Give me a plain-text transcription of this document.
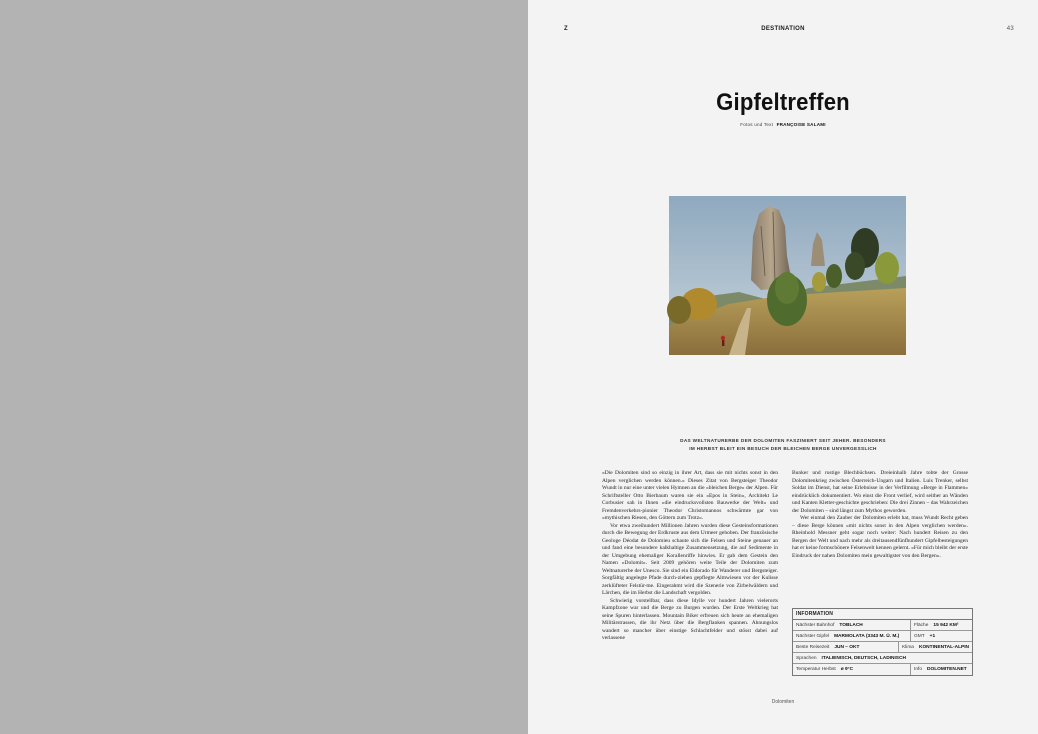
Z	DESTINATION	43
Gipfeltreffen
Fotos und Text FRANÇOISE SALAMI
DAS WELTNATURERBE DER DOLOMITEN FASZINIERT SEIT JEHER. BESONDERS
IM HERBST BLEIT EIN BESUCH DER BLEICHEN BERGE UNVERGESSLICH

«Die Dolomiten sind so einzig in ihrer Art, dass sie mit nichts sonst in den Alpen verglichen werden können.» Dieses Zitat von Bergsteiger Theodor Wundt in nur eine unter vielen Hymnen an die «bleichen Berge» der Alpen. Für Schriftsteller Otto Bierbaum waren sie ein «Epos in Stein», Architekt Le Corbusier sah in Ihnen «die eindrucksvollsten Bauwerke der Welt» und Fremdenverkehrs-pionier Theodor Christomannos schwärmte gar von «mythischen Riesen, den Göttern zum Trotz».

Vor etwa zweihundert Millionen Jahren wurden diese Gesteinsformationen durch die Bewegung der Erdkruste aus dem Urmeer gehoben. Der französische Geologe Déodat de Dolomieu schaute sich die Felsen und Steine genauer an und fand eine besondere kalkhaltige Zusammensetzung, die auf Sedimente in der Umgebung ehemaliger Korallenriffe hinwies. Er gab dem Gestein den Namen «Dolomit». Seit 2009 gehören weite Teile der Dolomiten zum Weltnaturerbe der Unesco. Sie sind ein Eldorado für Wanderer und Bergsteiger. Sorgfältig angelegte Pfade durch-ziehen gepflegte Almwiesen vor der Kulisse zerklüfteter Felstür-me. Eingerahmt wird die Szenerie von Zirbelwäldern und Lärchen, die im Herbst die Landschaft vergolden.

Schwierig vorstellbar, dass diese Idylle vor hundert Jahren vielerorts Kampfzone war und die Berge zu Burgen wurden. Der Erste Weltkrieg hat seine Spuren hinterlassen. Mountain Biker erfreuen sich heute an ehemaligen Militärstrassen, die ihr Netz über die Bergflanken spannen. Ahnungslos wandert so mancher über einstige Schlachtfelder und stösst dabei auf verlassene

Bunker und rostige Blechbüchsen. Dreieinhalb Jahre tobte der Grosse Dolomitenkrieg zwischen Österreich-Ungarn und Italien. Luis Trenker, selbst Soldat im Dienst, hat seine Erlebnisse in der Verfilmung «Berge in Flammen» eindrücklich dokumentiert. Wo einst die Front verlief, wird seither an Wänden und Kanten Kletter-geschichte geschrieben: Die drei Zinnen – das Wahrzeichen der Dolomiten – sind längst zum Mythos geworden.

Wer einmal den Zauber der Dolomiten erlebt hat, muss Wundt Recht geben – diese Berge können «mit nichts sonst in den Alpen verglichen werden». Rheinhold Messner geht sogar noch weiter: Nach hundert Reisen zu den Bergen der Welt und nach mehr als dreitausendfünfhundert Gipfelbesteigungen hat er keine formschönere Felsenwelt kennen gelernt. «Für mich bleibt der erste Eindruck der nahen Dolomiten mein gewaltigster von den Bergen».

INFORMATION
Nächster Bahnhof TOBLACH	Fläche 15 942 KM²
Nächster Gipfel MARMOLATA (3343 M. Ü. M.)	GMT +1
Beste Reisezeit JUN – OKT	Klima KONTINENTAL-ALPIN
Sprachen ITALIENISCH, DEUTSCH, LADINISCH
Temperatur Herbst ø 9°C	Info DOLOMITEN.NET
Dolomiten
